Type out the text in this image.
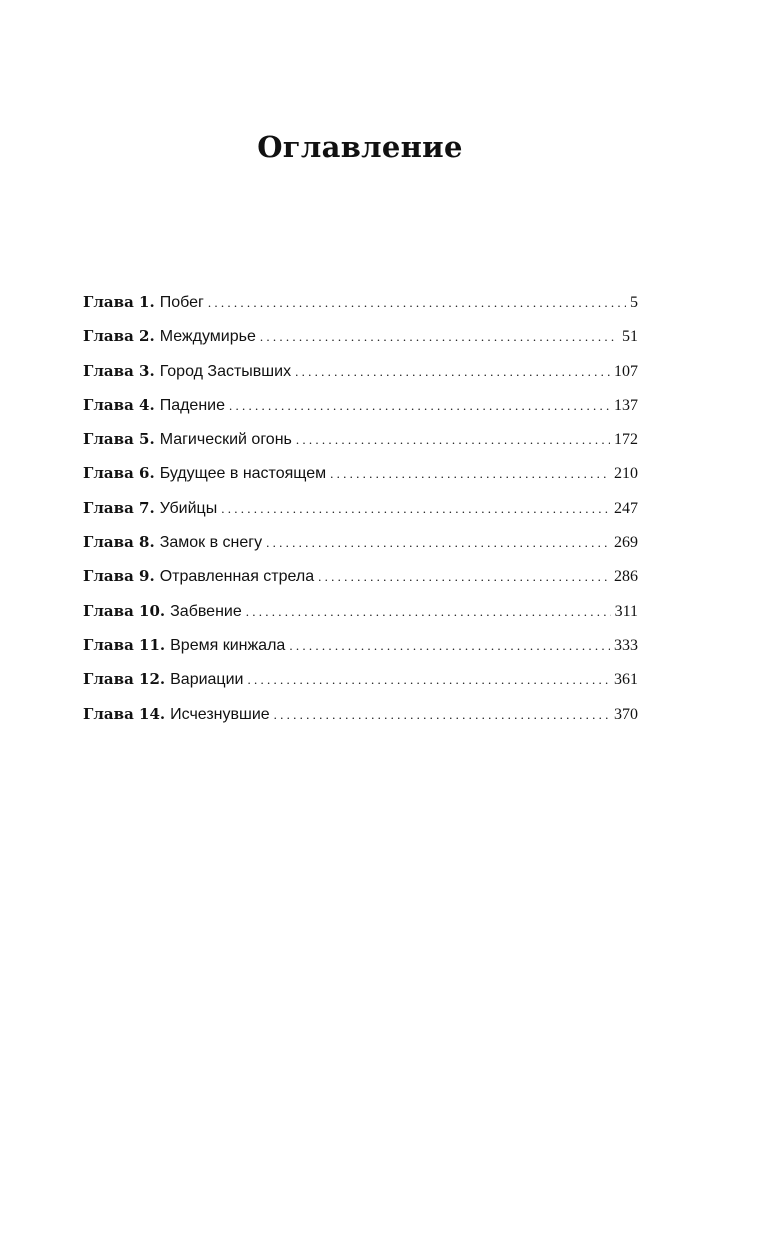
Оглавление
Глава 1. Побег . . .	5
Глава 2. Междумирье . . .	51
Глава 3. Город Застывших . . .	107
Глава 4. Падение . . .	137
Глава 5. Магический огонь . . .	172
Глава 6. Будущее в настоящем . . .	210
Глава 7. Убийцы . . .	247
Глава 8. Замок в снегу . . .	269
Глава 9. Отравленная стрела . . .	286
Глава 10. Забвение . . .	311
Глава 11. Время кинжала . . .	333
Глава 12. Вариации . . .	361
Глава 14. Исчезнувшие . . .	370
